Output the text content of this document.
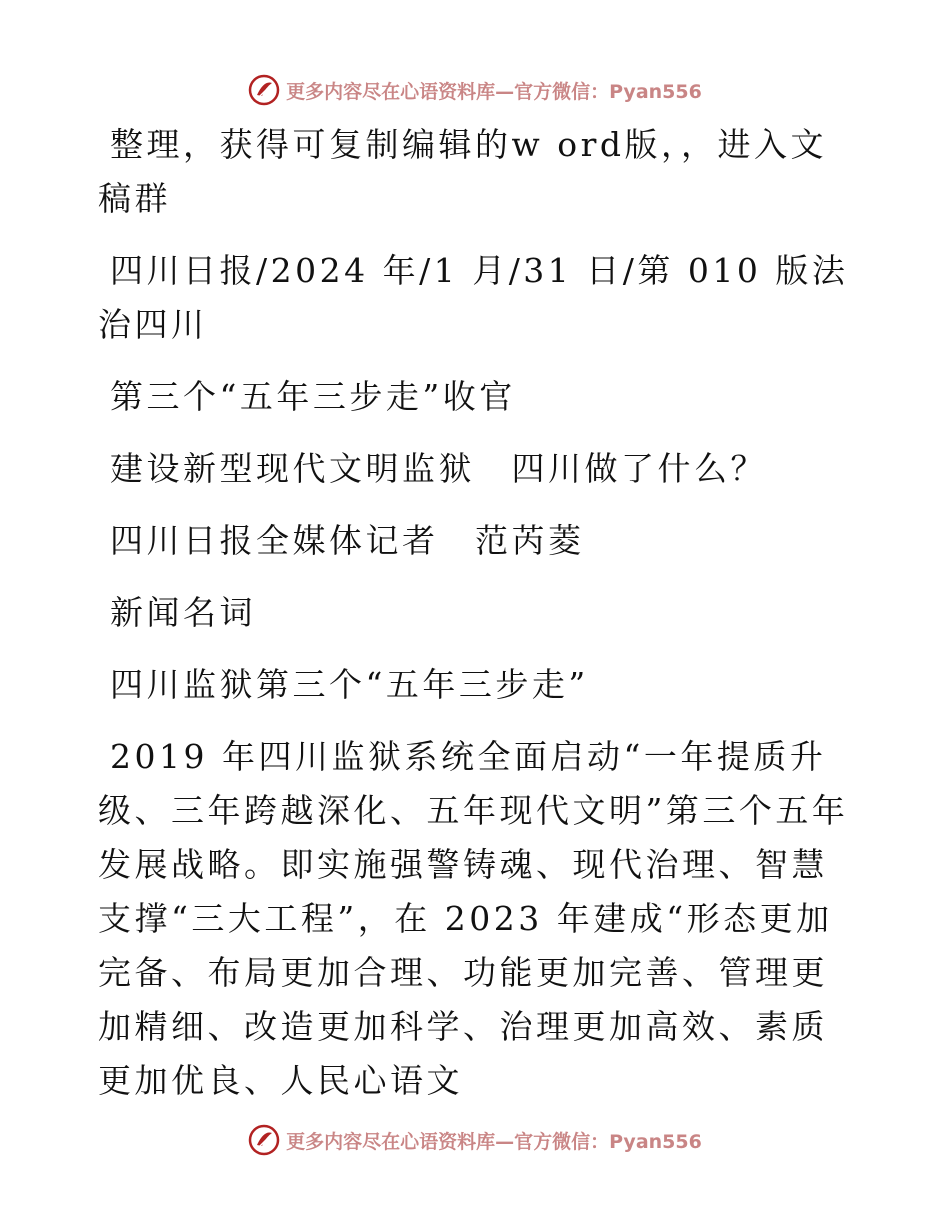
更多内容尽在心语资料库—官方微信：Pyan556

整理，获得可复制编辑的w ord版，，进入文稿群

四川日报/2024 年/1 月/31 日/第 010 版法治四川

第三个“五年三步走”收官

建设新型现代文明监狱　四川做了什么？

四川日报全媒体记者　范芮菱

新闻名词

四川监狱第三个“五年三步走”

2019 年四川监狱系统全面启动“一年提质升级、三年跨越深化、五年现代文明”第三个五年发展战略。即实施强警铸魂、现代治理、智慧支撑“三大工程”，在 2023 年建成“形态更加完备、布局更加合理、功能更加完善、管理更加精细、改造更加科学、治理更加高效、素质更加优良、人民心语文

更多内容尽在心语资料库—官方微信：Pyan556
